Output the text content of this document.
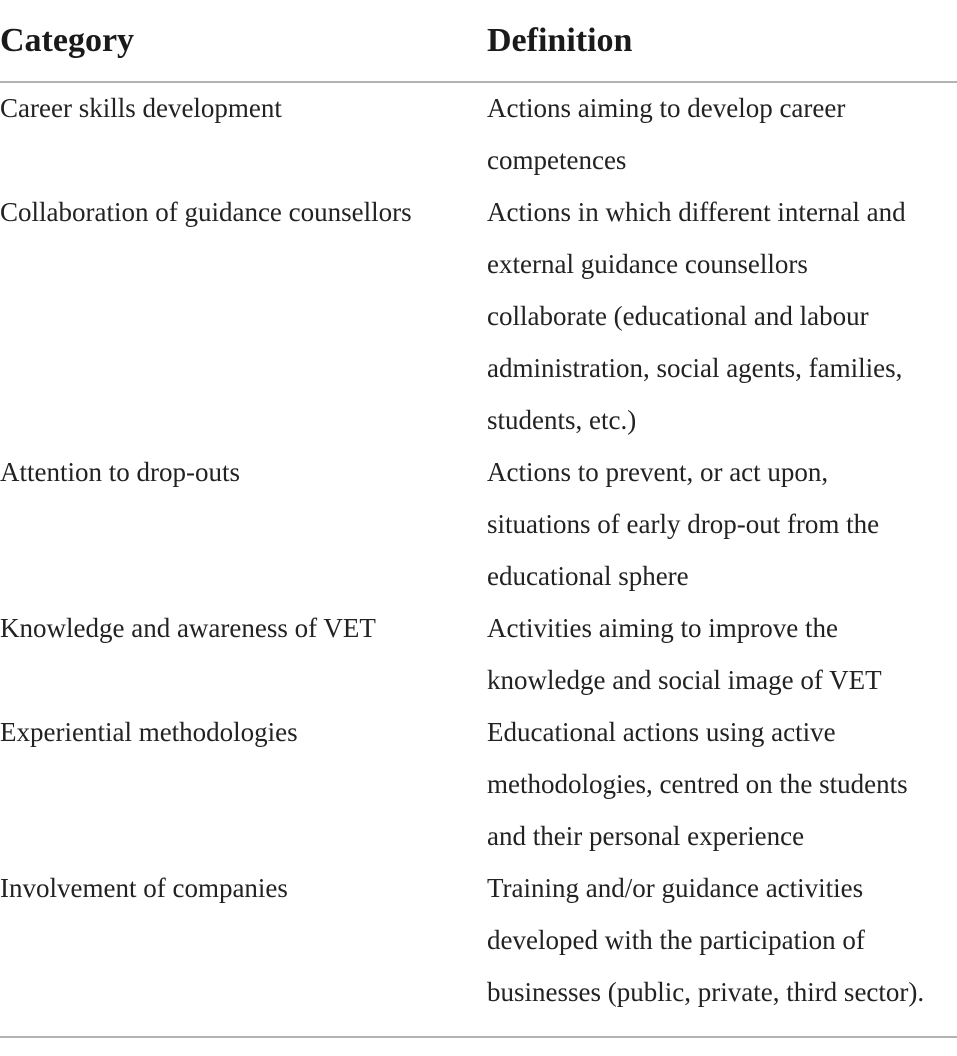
Category	Definition
Career skills development	Actions aiming to develop career
competences
Collaboration of guidance counsellors	Actions in which different internal and
external guidance counsellors
collaborate (educational and labour
administration, social agents, families,
students, etc.)
Attention to drop-outs	Actions to prevent, or act upon,
situations of early drop-out from the
educational sphere
Knowledge and awareness of VET	Activities aiming to improve the
knowledge and social image of VET
Experiential methodologies	Educational actions using active
methodologies, centred on the students
and their personal experience
Involvement of companies	Training and/or guidance activities
developed with the participation of
businesses (public, private, third sector).
